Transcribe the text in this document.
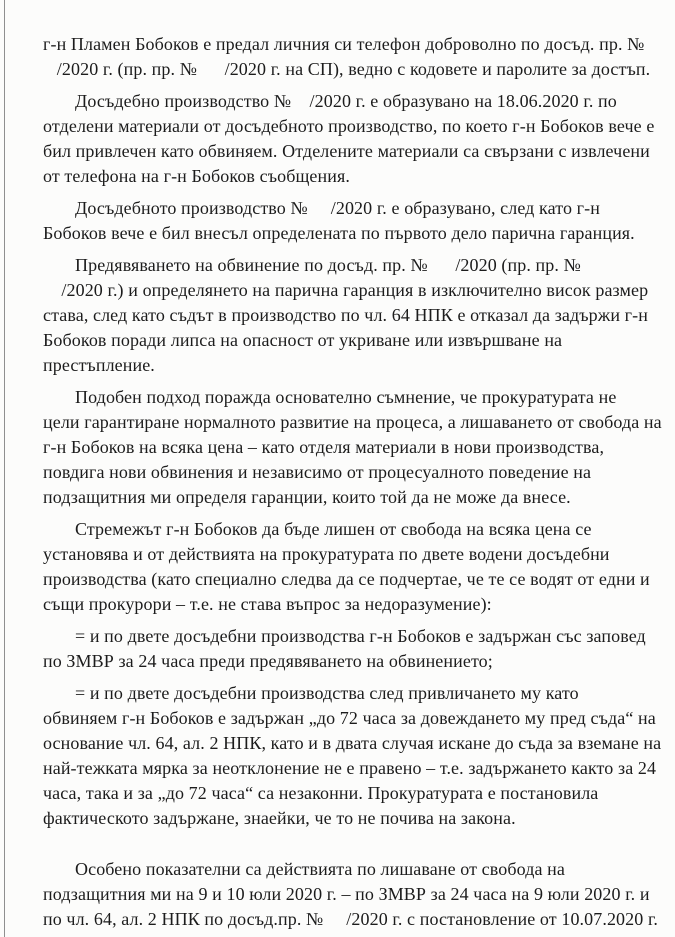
г-н Пламен Бобоков е предал личния си телефон доброволно по досъд. пр. №
/2020 г. (пр. пр. №      /2020 г. на СП), ведно с кодовете и паролите за достъп.

Досъдебно производство №    /2020 г. е образувано на 18.06.2020 г. по
отделени материали от досъдебното производство, по което г-н Бобоков вече е
бил привлечен като обвиняем. Отделените материали са свързани с извлечени
от телефона на г-н Бобоков съобщения.

Досъдебното производство №     /2020 г. е образувано, след като г-н
Бобоков вече е бил внесъл определената по първото дело парична гаранция.

Предявяването на обвинение по досъд. пр. №      /2020 (пр. пр. №
/2020 г.) и определянето на парична гаранция в изключително висок размер
става, след като съдът в производство по чл. 64 НПК е отказал да задържи г-н
Бобоков поради липса на опасност от укриване или извършване на
престъпление.

Подобен подход поражда основателно съмнение, че прокуратурата не
цели гарантиране нормалното развитие на процеса, а лишаването от свобода на
г-н Бобоков на всяка цена – като отделя материали в нови производства,
повдига нови обвинения и независимо от процесуалното поведение на
подзащитния ми определя гаранции, които той да не може да внесе.

Стремежът г-н Бобоков да бъде лишен от свобода на всяка цена се
установява и от действията на прокуратурата по двете водени досъдебни
производства (като специално следва да се подчертае, че те се водят от едни и
същи прокурори – т.е. не става въпрос за недоразумение):

= и по двете досъдебни производства г-н Бобоков е задържан със заповед
по ЗМВР за 24 часа преди предявяването на обвинението;

= и по двете досъдебни производства след привличането му като
обвиняем г-н Бобоков е задържан „до 72 часа за довеждането му пред съда“ на
основание чл. 64, ал. 2 НПК, като и в двата случая искане до съда за вземане на
най-тежката мярка за неотклонение не е правено – т.е. задържането както за 24
часа, така и за „до 72 часа“ са незаконни. Прокуратурата е постановила
фактическото задържане, знаейки, че то не почива на закона.

Особено показателни са действията по лишаване от свобода на
подзащитния ми на 9 и 10 юли 2020 г. – по ЗМВР за 24 часа на 9 юли 2020 г. и
по чл. 64, ал. 2 НПК по досъд.пр. №     /2020 г. с постановление от 10.07.2020 г.
